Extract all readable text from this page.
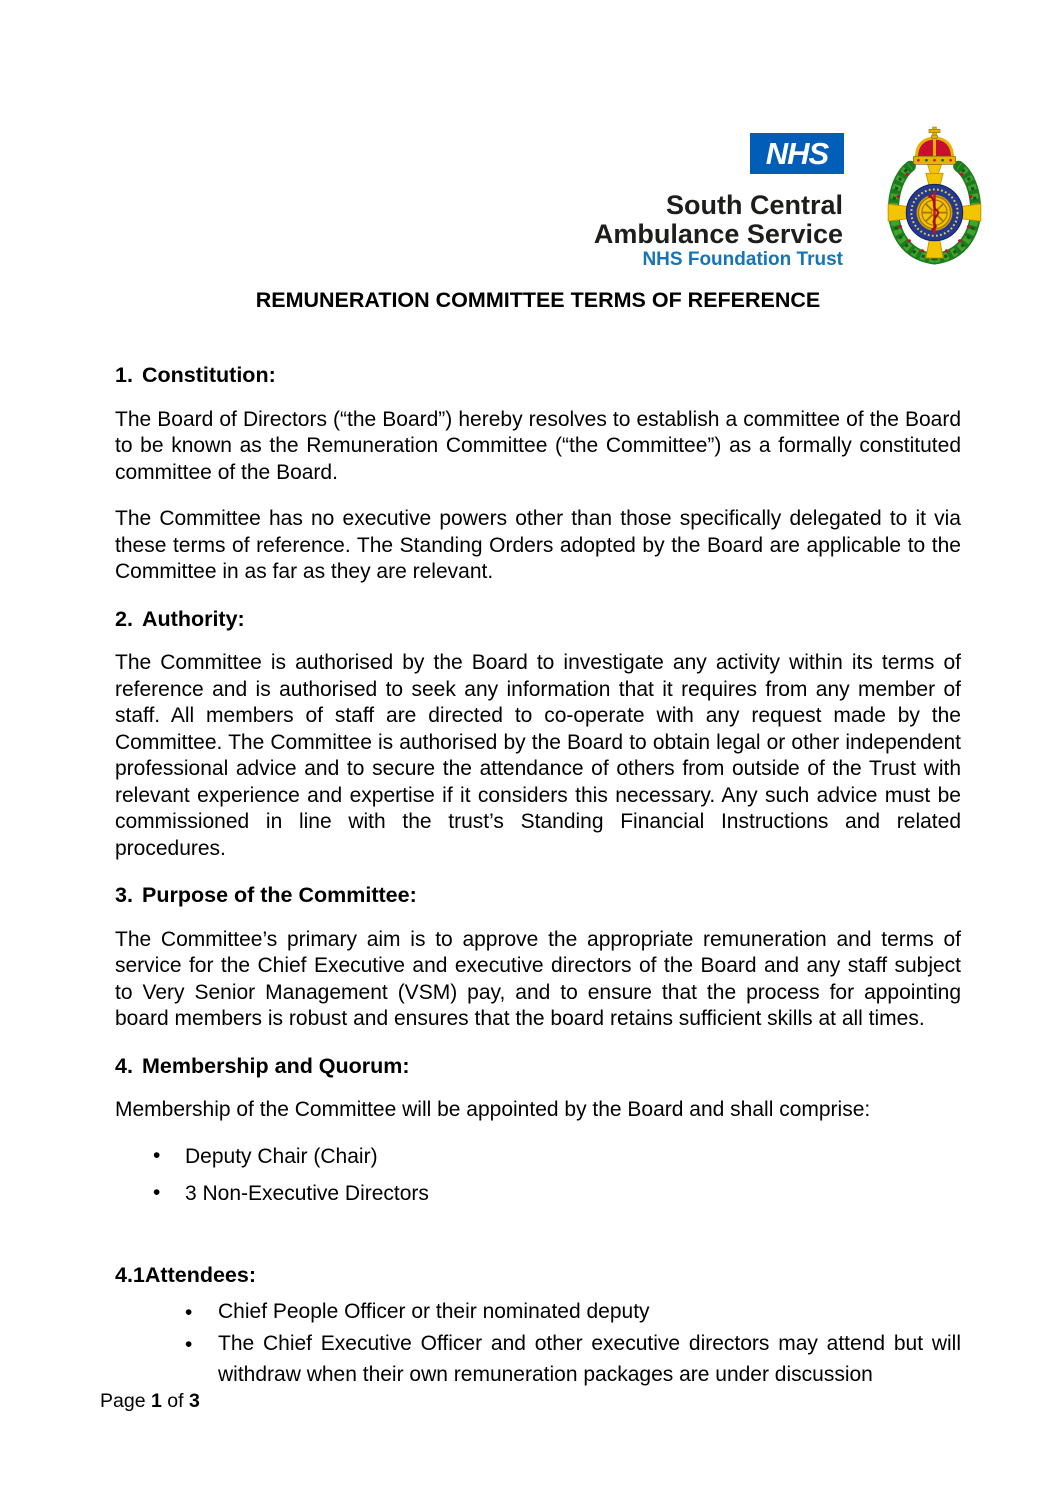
NHS
South Central
Ambulance Service
NHS Foundation Trust
REMUNERATION COMMITTEE TERMS OF REFERENCE
1. Constitution:

The Board of Directors (“the Board”) hereby resolves to establish a committee of the Board to be known as the Remuneration Committee (“the Committee”) as a formally constituted committee of the Board.

The Committee has no executive powers other than those specifically delegated to it via these terms of reference. The Standing Orders adopted by the Board are applicable to the Committee in as far as they are relevant.

2. Authority:

The Committee is authorised by the Board to investigate any activity within its terms of reference and is authorised to seek any information that it requires from any member of staff. All members of staff are directed to co-operate with any request made by the Committee. The Committee is authorised by the Board to obtain legal or other independent professional advice and to secure the attendance of others from outside of the Trust with relevant experience and expertise if it considers this necessary. Any such advice must be commissioned in line with the trust’s Standing Financial Instructions and related procedures.

3. Purpose of the Committee:

The Committee’s primary aim is to approve the appropriate remuneration and terms of service for the Chief Executive and executive directors of the Board and any staff subject to Very Senior Management (VSM) pay, and to ensure that the process for appointing board members is robust and ensures that the board retains sufficient skills at all times.

4. Membership and Quorum:

Membership of the Committee will be appointed by the Board and shall comprise:

• Deputy Chair (Chair)
• 3 Non-Executive Directors
4.1 Attendees:
• Chief People Officer or their nominated deputy
• The Chief Executive Officer and other executive directors may attend but will withdraw when their own remuneration packages are under discussion
Page 1 of 3
